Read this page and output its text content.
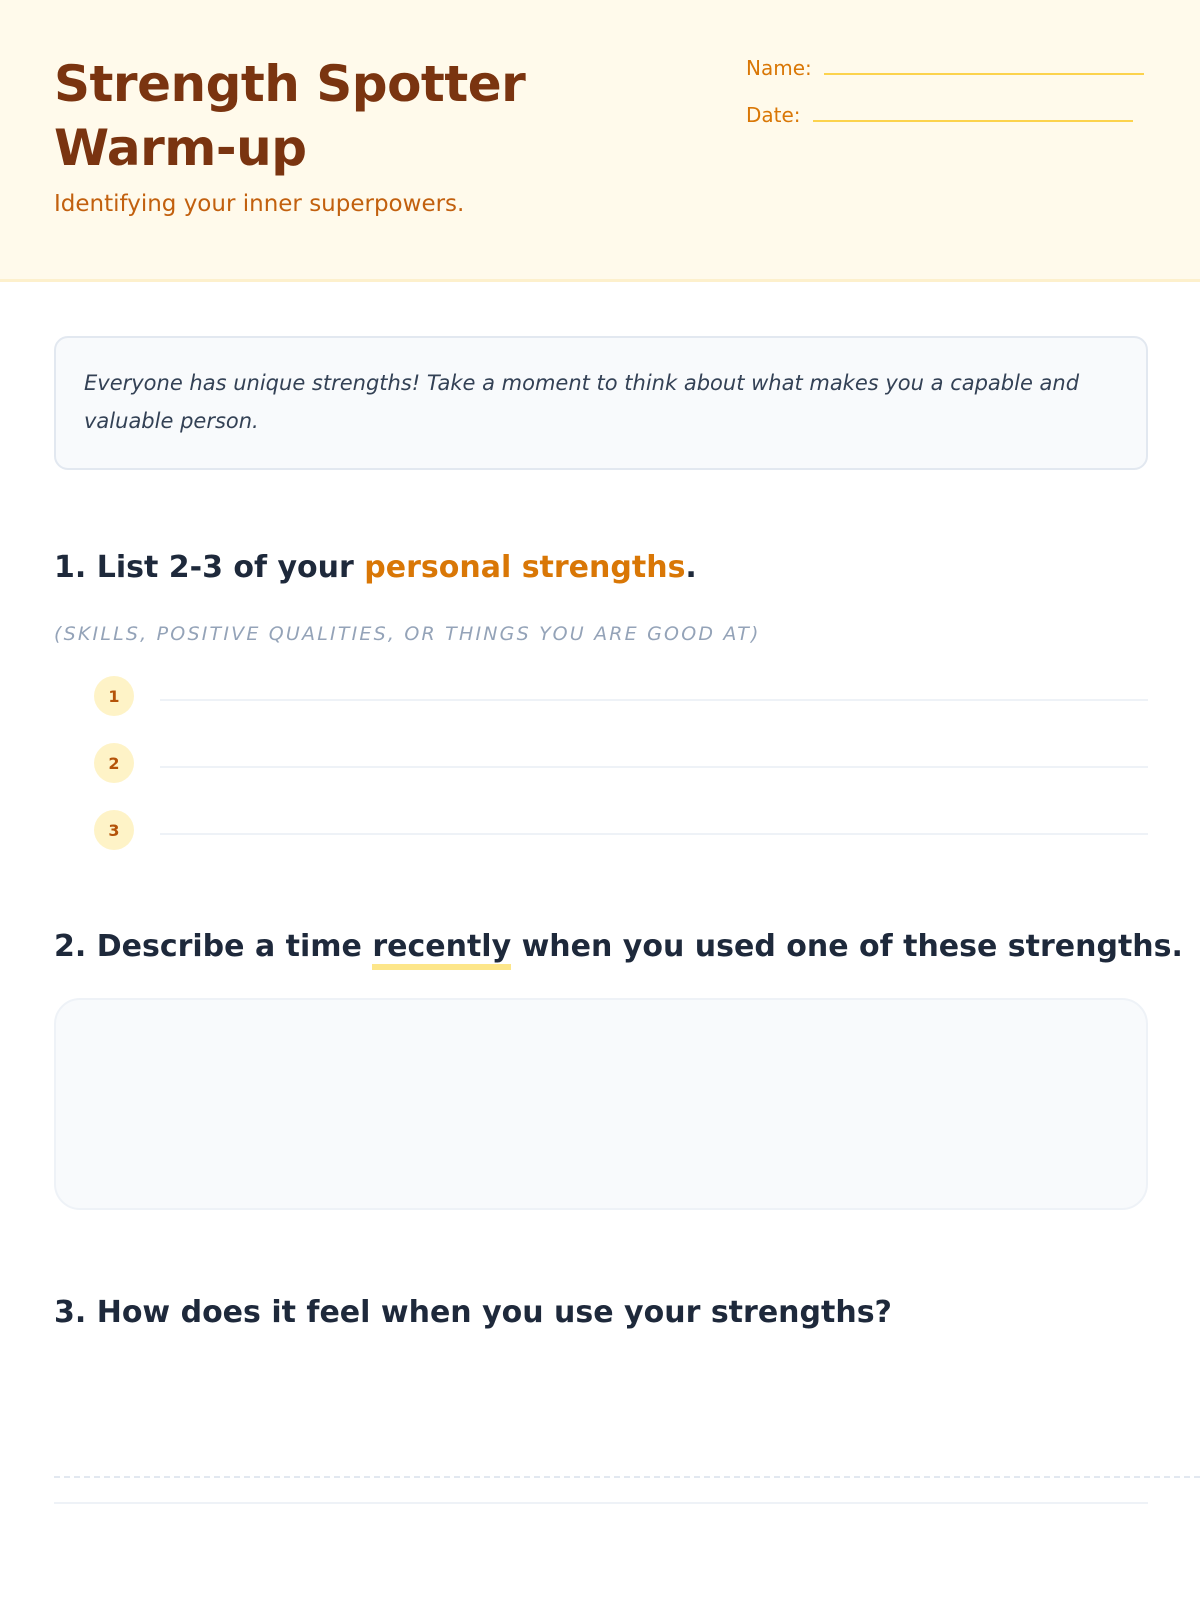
Strength Spotter Warm-up
Identifying your inner superpowers.
Name:
Date:

Everyone has unique strengths! Take a moment to think about what makes you a capable and valuable person.

1. List 2-3 of your personal strengths.
(SKILLS, POSITIVE QUALITIES, OR THINGS YOU ARE GOOD AT)
1
2
3
2. Describe a time recently when you used one of these strengths.
3. How does it feel when you use your strengths?
